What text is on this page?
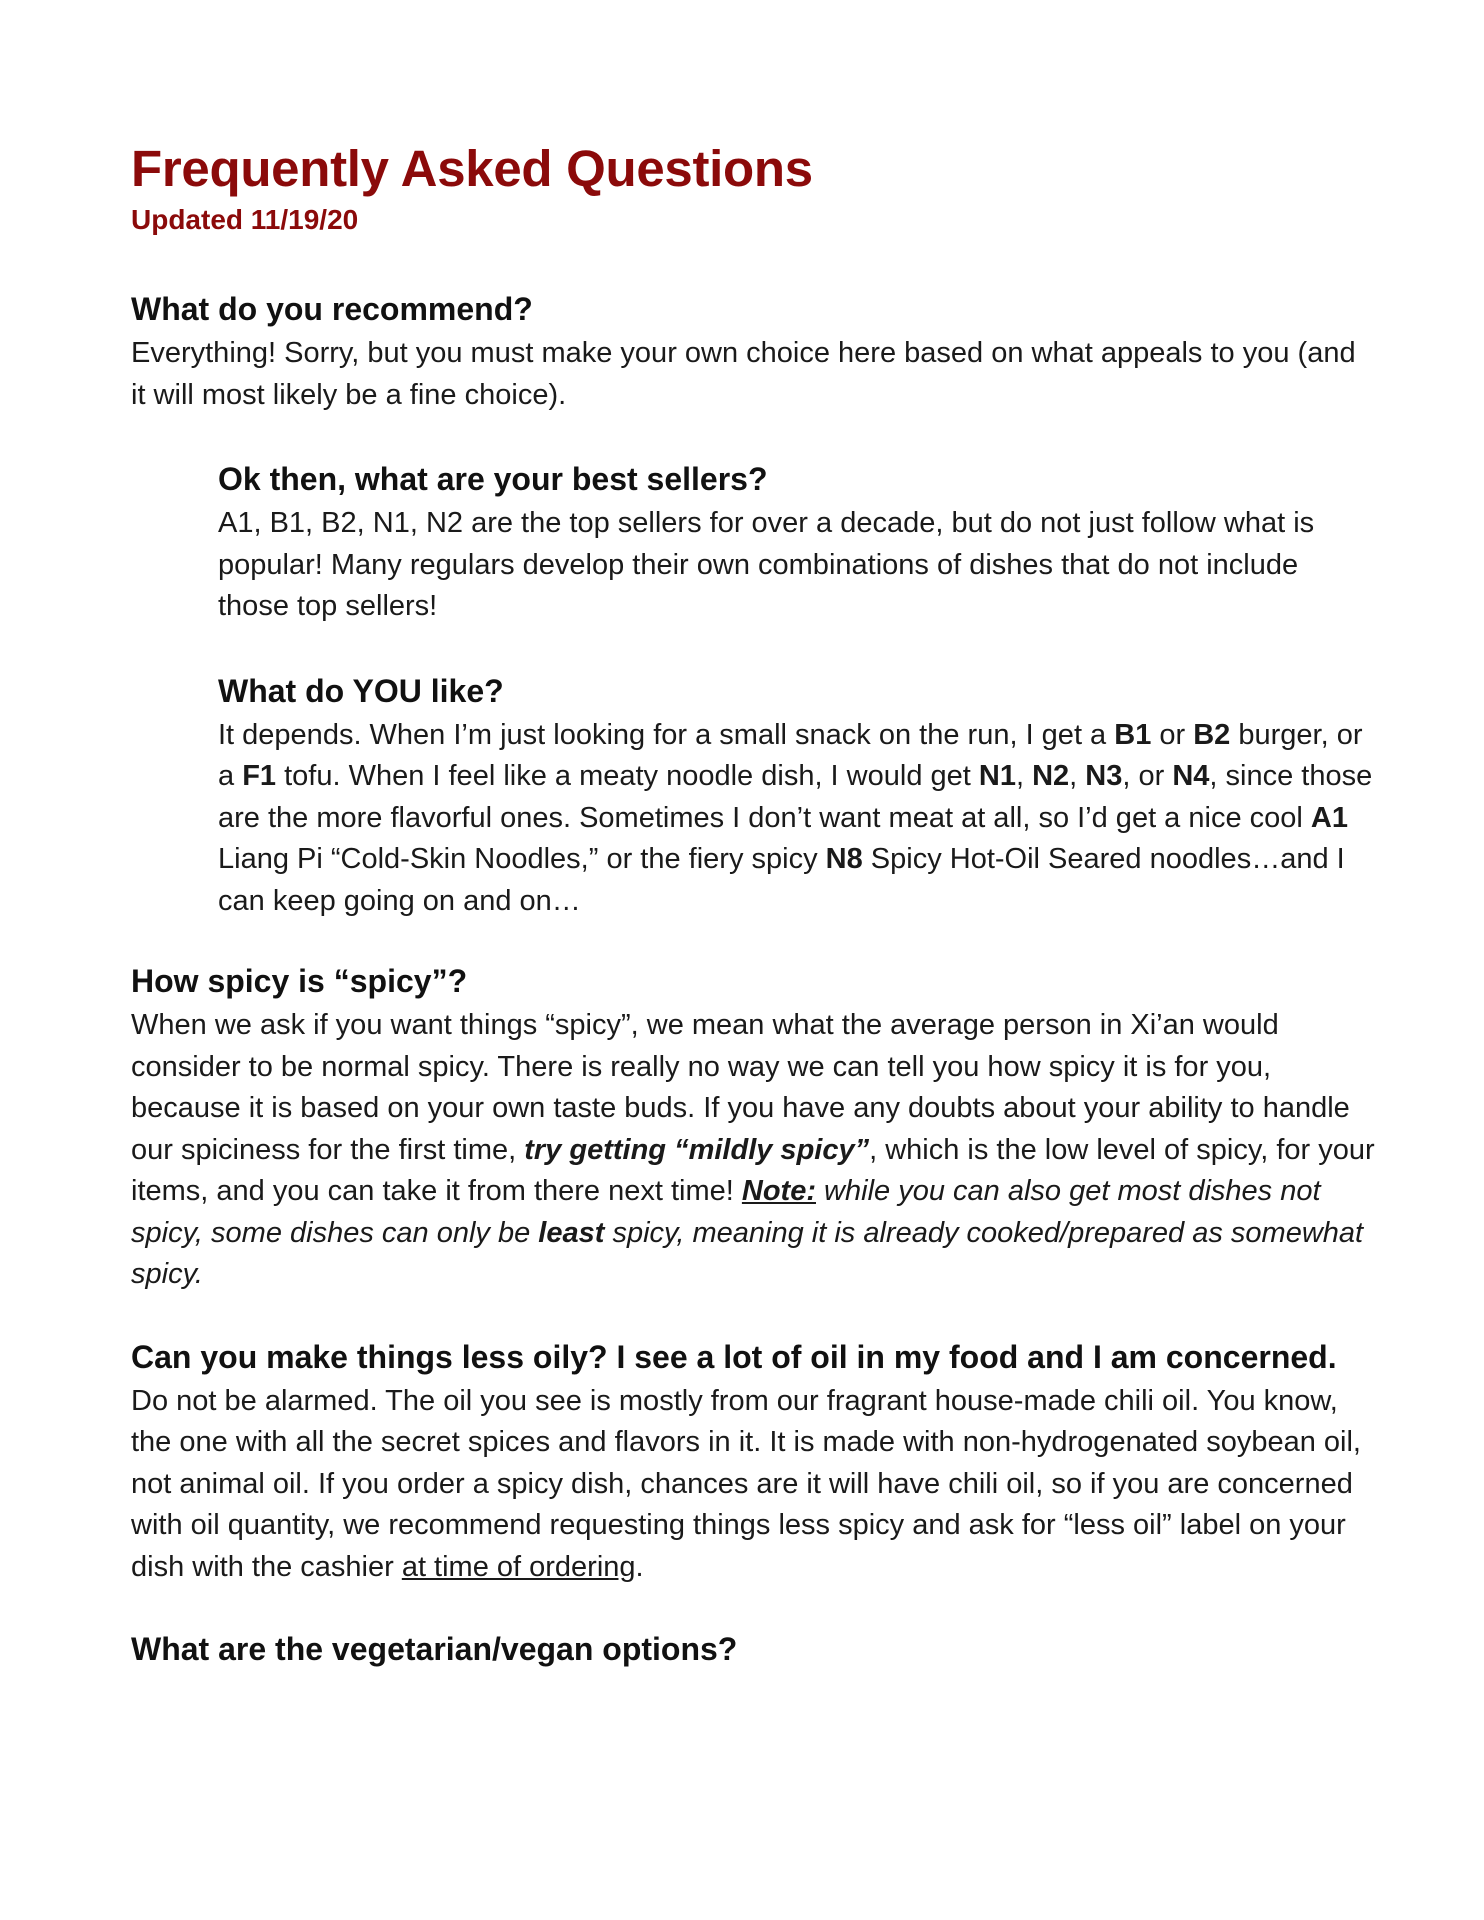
Frequently Asked Questions
Updated 11/19/20
What do you recommend?

Everything! Sorry, but you must make your own choice here based on what appeals to you (and it will most likely be a fine choice).

Ok then, what are your best sellers?

A1, B1, B2, N1, N2 are the top sellers for over a decade, but do not just follow what is popular! Many regulars develop their own combinations of dishes that do not include those top sellers!

What do YOU like?

It depends. When I’m just looking for a small snack on the run, I get a B1 or B2 burger, or a F1 tofu. When I feel like a meaty noodle dish, I would get N1, N2, N3, or N4, since those are the more flavorful ones. Sometimes I don’t want meat at all, so I’d get a nice cool A1 Liang Pi “Cold-Skin Noodles,” or the fiery spicy N8 Spicy Hot-Oil Seared noodles…and I can keep going on and on…

How spicy is “spicy”?

When we ask if you want things “spicy”, we mean what the average person in Xi’an would consider to be normal spicy. There is really no way we can tell you how spicy it is for you, because it is based on your own taste buds. If you have any doubts about your ability to handle our spiciness for the first time, try getting “mildly spicy”, which is the low level of spicy, for your items, and you can take it from there next time! Note: while you can also get most dishes not spicy, some dishes can only be least spicy, meaning it is already cooked/prepared as somewhat spicy.

Can you make things less oily? I see a lot of oil in my food and I am concerned.

Do not be alarmed. The oil you see is mostly from our fragrant house-made chili oil. You know, the one with all the secret spices and flavors in it. It is made with non-hydrogenated soybean oil, not animal oil. If you order a spicy dish, chances are it will have chili oil, so if you are concerned with oil quantity, we recommend requesting things less spicy and ask for “less oil” label on your dish with the cashier at time of ordering.

What are the vegetarian/vegan options?
